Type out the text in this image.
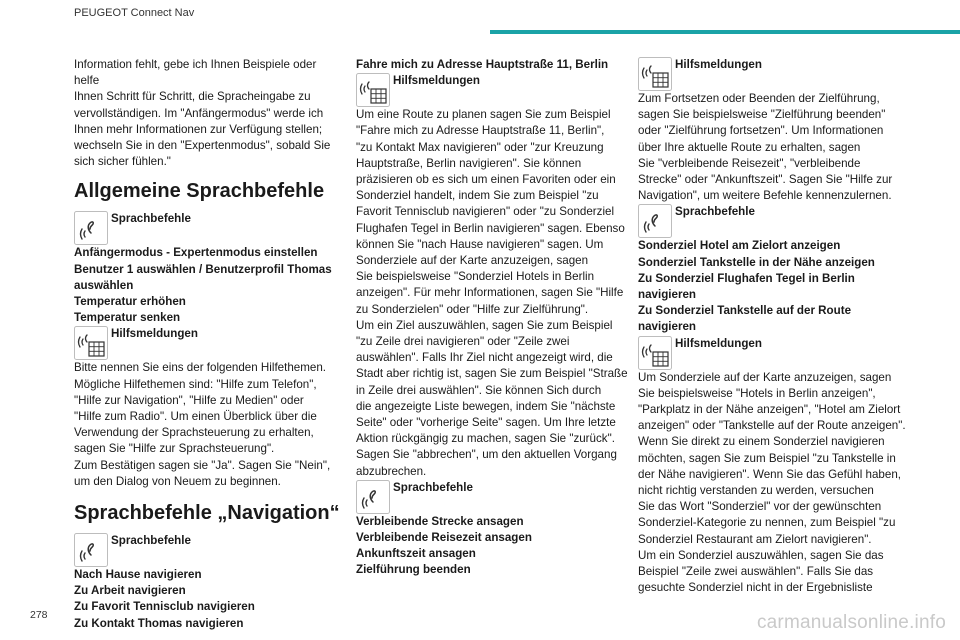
PEUGEOT Connect Nav

Information fehlt, gebe ich Ihnen Beispiele oder helfe
Ihnen Schritt für Schritt, die Spracheingabe zu
vervollständigen. Im "Anfängermodus" werde ich
Ihnen mehr Informationen zur Verfügung stellen;
wechseln Sie in den "Expertenmodus", sobald Sie
sich sicher fühlen."

Allgemeine Sprachbefehle
Sprachbefehle

Anfängermodus - Expertenmodus einstellen
Benutzer 1 auswählen / Benutzerprofil Thomas
auswählen
Temperatur erhöhen
Temperatur senken

Hilfsmeldungen

Bitte nennen Sie eins der folgenden Hilfethemen.
Mögliche Hilfethemen sind: "Hilfe zum Telefon",
"Hilfe zur Navigation", "Hilfe zu Medien" oder
"Hilfe zum Radio". Um einen Überblick über die
Verwendung der Sprachsteuerung zu erhalten,
sagen Sie "Hilfe zur Sprachsteuerung".
Zum Bestätigen sagen sie "Ja". Sagen Sie "Nein",
um den Dialog von Neuem zu beginnen.

Sprachbefehle „Navigation“
Sprachbefehle

Nach Hause navigieren
Zu Arbeit navigieren
Zu Favorit Tennisclub navigieren
Zu Kontakt Thomas navigieren

Fahre mich zu Adresse Hauptstraße 11, Berlin

Hilfsmeldungen

Um eine Route zu planen sagen Sie zum Beispiel
"Fahre mich zu Adresse Hauptstraße 11, Berlin",
"zu Kontakt Max navigieren" oder "zur Kreuzung
Hauptstraße, Berlin navigieren". Sie können
präzisieren ob es sich um einen Favoriten oder ein
Sonderziel handelt, indem Sie zum Beispiel "zu
Favorit Tennisclub navigieren" oder "zu Sonderziel
Flughafen Tegel in Berlin navigieren" sagen. Ebenso
können Sie "nach Hause navigieren" sagen. Um
Sonderziele auf der Karte anzuzeigen, sagen
Sie beispielsweise "Sonderziel Hotels in Berlin
anzeigen". Für mehr Informationen, sagen Sie "Hilfe
zu Sonderzielen" oder "Hilfe zur Zielführung".
Um ein Ziel auszuwählen, sagen Sie zum Beispiel
"zu Zeile drei navigieren" oder "Zeile zwei
auswählen". Falls Ihr Ziel nicht angezeigt wird, die
Stadt aber richtig ist, sagen Sie zum Beispiel "Straße
in Zeile drei auswählen". Sie können Sich durch
die angezeigte Liste bewegen, indem Sie "nächste
Seite" oder "vorherige Seite" sagen. Um Ihre letzte
Aktion rückgängig zu machen, sagen Sie "zurück".
Sagen Sie "abbrechen", um den aktuellen Vorgang
abzubrechen.

Sprachbefehle

Verbleibende Strecke ansagen
Verbleibende Reisezeit ansagen
Ankunftszeit ansagen
Zielführung beenden

Hilfsmeldungen

Zum Fortsetzen oder Beenden der Zielführung,
sagen Sie beispielsweise "Zielführung beenden"
oder "Zielführung fortsetzen". Um Informationen
über Ihre aktuelle Route zu erhalten, sagen
Sie "verbleibende Reisezeit", "verbleibende
Strecke" oder "Ankunftszeit". Sagen Sie "Hilfe zur
Navigation", um weitere Befehle kennenzulernen.

Sprachbefehle

Sonderziel Hotel am Zielort anzeigen
Sonderziel Tankstelle in der Nähe anzeigen
Zu Sonderziel Flughafen Tegel in Berlin
navigieren
Zu Sonderziel Tankstelle auf der Route
navigieren

Hilfsmeldungen

Um Sonderziele auf der Karte anzuzeigen, sagen
Sie beispielsweise "Hotels in Berlin anzeigen",
"Parkplatz in der Nähe anzeigen", "Hotel am Zielort
anzeigen" oder "Tankstelle auf der Route anzeigen".
Wenn Sie direkt zu einem Sonderziel navigieren
möchten, sagen Sie zum Beispiel "zu Tankstelle in
der Nähe navigieren". Wenn Sie das Gefühl haben,
nicht richtig verstanden zu werden, versuchen
Sie das Wort "Sonderziel" vor der gewünschten
Sonderziel-Kategorie zu nennen, zum Beispiel "zu
Sonderziel Restaurant am Zielort navigieren".
Um ein Sonderziel auszuwählen, sagen Sie das
Beispiel "Zeile zwei auswählen". Falls Sie das
gesuchte Sonderziel nicht in der Ergebnisliste

278	carmanualsonline.info
